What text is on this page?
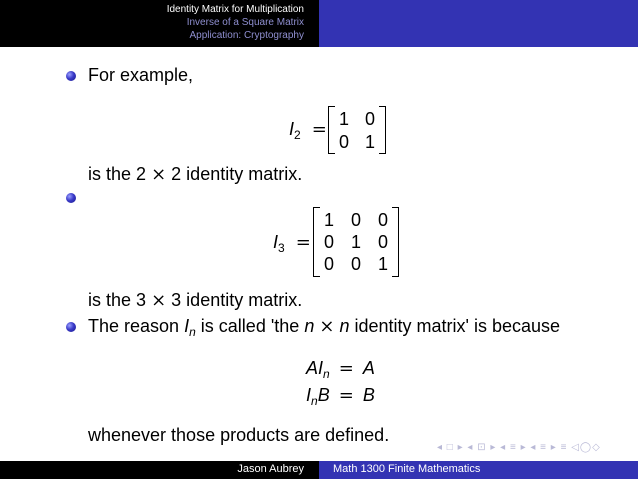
Identity Matrix for Multiplication
Inverse of a Square Matrix
Application: Cryptography
For example,
$I_2 = 1$ 0
0 1
is the 2 × 2 identity matrix.
$I_3$ =
1 0 0
0 1 0
0 0 1
is the 3 × 3 identity matrix.
The reason $I_n$ is called 'the n × n identity matrix' is because
$AI_n = A$
$I_nB = B$
whenever those products are defined.
◂ □ ▸ ◂ ⊡ ▸ ◂ ≡ ▸ ◂ ≡ ▸ ≡ ◁◯◇
Jason Aubrey	Math 1300 Finite Mathematics
